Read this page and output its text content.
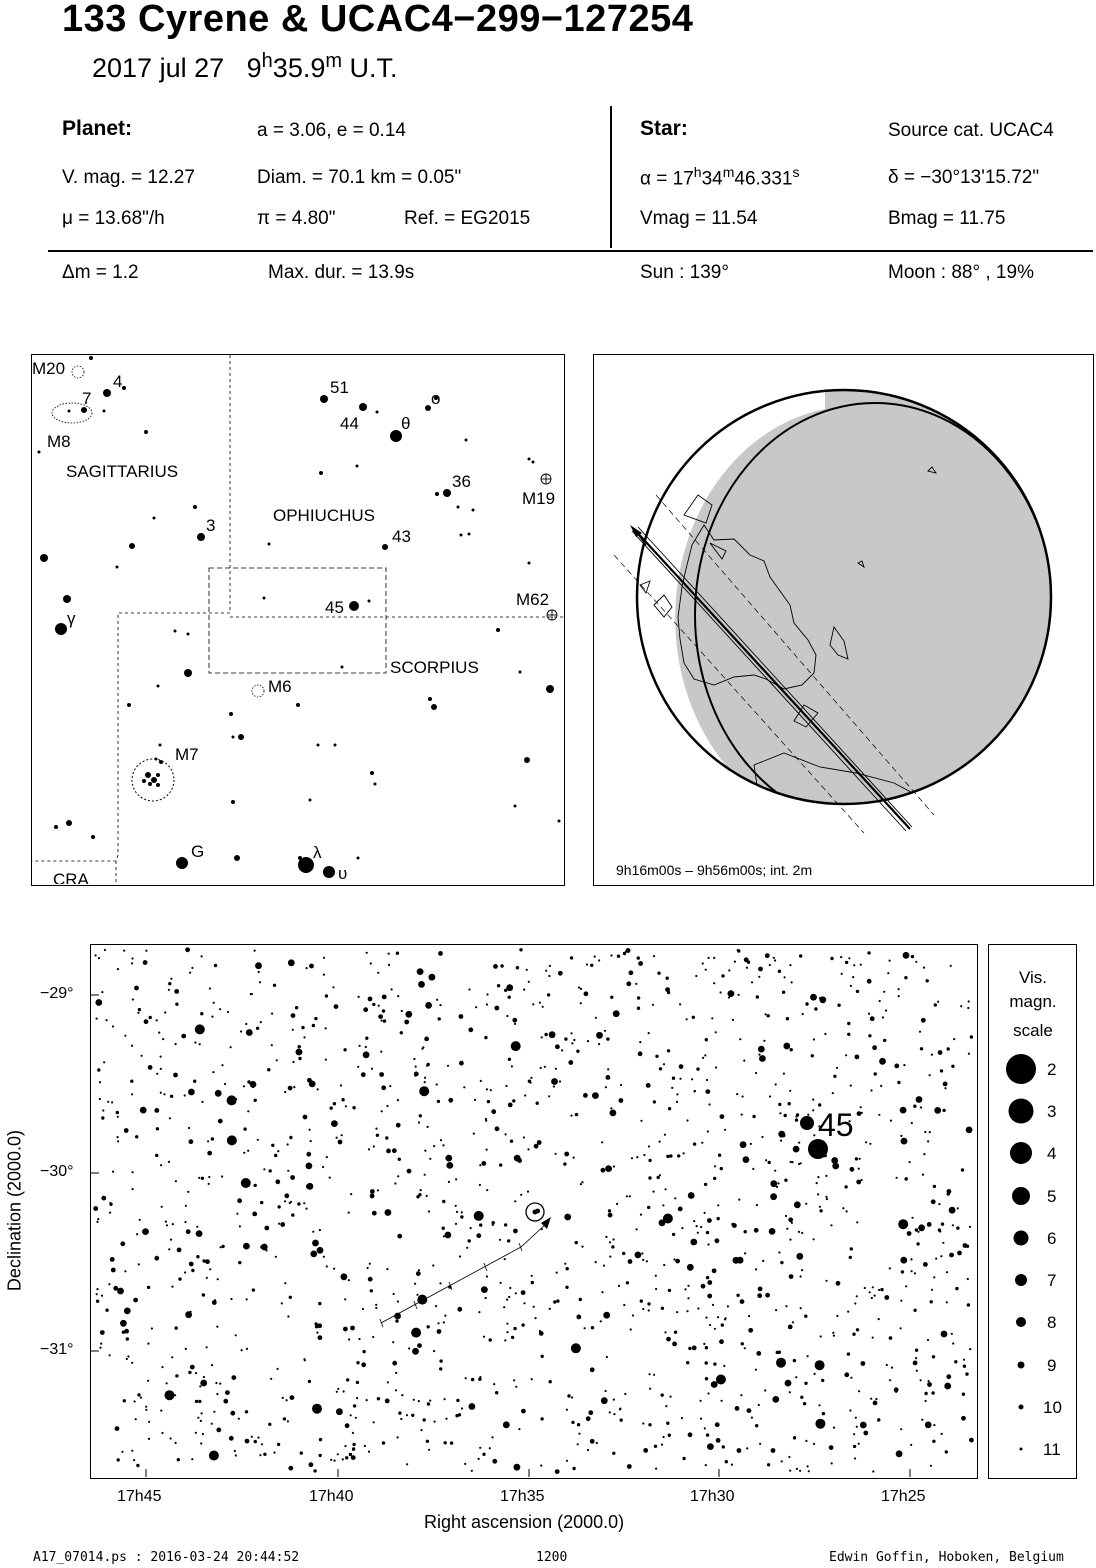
133 Cyrene & UCAC4−299−127254
2017 jul 27 9$^h$35.9$^m$ U.T.
Planet:	a = 3.06, e = 0.14
V. mag. = 12.27	Diam. = 70.1 km = 0.05"
μ = 13.68"/h	π = 4.80"	Ref. = EG2015
Star:	Source cat. UCAC4
$\alpha = 17^h34^m46.331^s$	δ = −30°13'15.72"
Vmag = 11.54	Bmag = 11.75
Δm = 1.2	Max. dur. = 13.9s	Sun : 139°	Moon : 88° , 19%
M20
7
4
M8
SAGITTARIUS
51
44 θ
o
36
M19
3
OPHIUCHUS
43
45	M62
γ
SCORPIUS
M6
M7
G	λ
υ
CRA	9h16m00s – 9h56m00s; int. 2m
45
17h45	17h40	17h35	17h30	17h25
−29°
−30°
−31°
Right ascension (2000.0)
Declination (2000.0)
Vis.
magn.
scale
2
3
4
5
6
7
8
9
10
11
A17_07014.ps : 2016-03-24 20:44:52	1200	Edwin Goffin, Hoboken, Belgium
